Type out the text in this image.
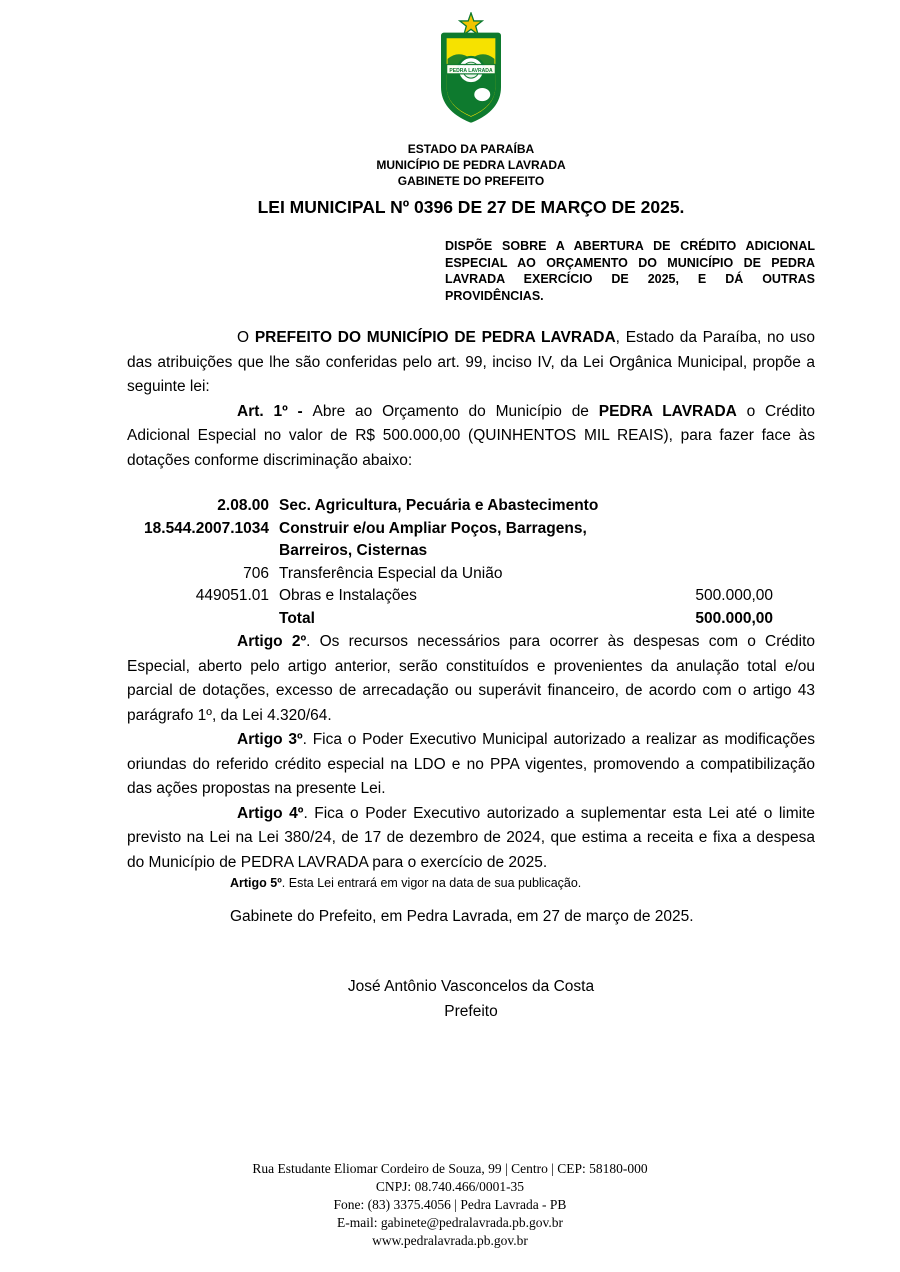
PEDRA LAVRADA
ESTADO DA PARAÍBA
MUNICÍPIO DE PEDRA LAVRADA
GABINETE DO PREFEITO
LEI MUNICIPAL Nº 0396 DE 27 DE MARÇO DE 2025.
DISPÕE SOBRE A ABERTURA DE CRÉDITO ADICIONAL ESPECIAL AO ORÇAMENTO DO MUNICÍPIO DE PEDRA LAVRADA EXERCÍCIO DE 2025, E DÁ OUTRAS PROVIDÊNCIAS.

O PREFEITO DO MUNICÍPIO DE PEDRA LAVRADA, Estado da Paraíba, no uso das atribuições que lhe são conferidas pelo art. 99, inciso IV, da Lei Orgânica Municipal, propõe a seguinte lei:

Art. 1º - Abre ao Orçamento do Município de PEDRA LAVRADA o Crédito Adicional Especial no valor de R$ 500.000,00 (QUINHENTOS MIL REAIS), para fazer face às dotações conforme discriminação abaixo:

2.08.00 Sec. Agricultura, Pecuária e Abastecimento
18.544.2007.1034 Construir e/ou Ampliar Poços, Barragens, Barreiros, Cisternas
706 Transferência Especial da União
449051.01 Obras e Instalações	500.000,00
Total	500.000,00

Artigo 2º. Os recursos necessários para ocorrer às despesas com o Crédito Especial, aberto pelo artigo anterior, serão constituídos e provenientes da anulação total e/ou parcial de dotações, excesso de arrecadação ou superávit financeiro, de acordo com o artigo 43 parágrafo 1º, da Lei 4.320/64.

Artigo 3º. Fica o Poder Executivo Municipal autorizado a realizar as modificações oriundas do referido crédito especial na LDO e no PPA vigentes, promovendo a compatibilização das ações propostas na presente Lei.

Artigo 4º. Fica o Poder Executivo autorizado a suplementar esta Lei até o limite previsto na Lei na Lei 380/24, de 17 de dezembro de 2024, que estima a receita e fixa a despesa do Município de PEDRA LAVRADA para o exercício de 2025.

Artigo 5º. Esta Lei entrará em vigor na data de sua publicação.

Gabinete do Prefeito, em Pedra Lavrada, em 27 de março de 2025.

José Antônio Vasconcelos da Costa

Prefeito

Rua Estudante Eliomar Cordeiro de Souza, 99 | Centro | CEP: 58180-000
CNPJ: 08.740.466/0001-35
Fone: (83) 3375.4056 | Pedra Lavrada - PB
E-mail: gabinete@pedralavrada.pb.gov.br
www.pedralavrada.pb.gov.br
